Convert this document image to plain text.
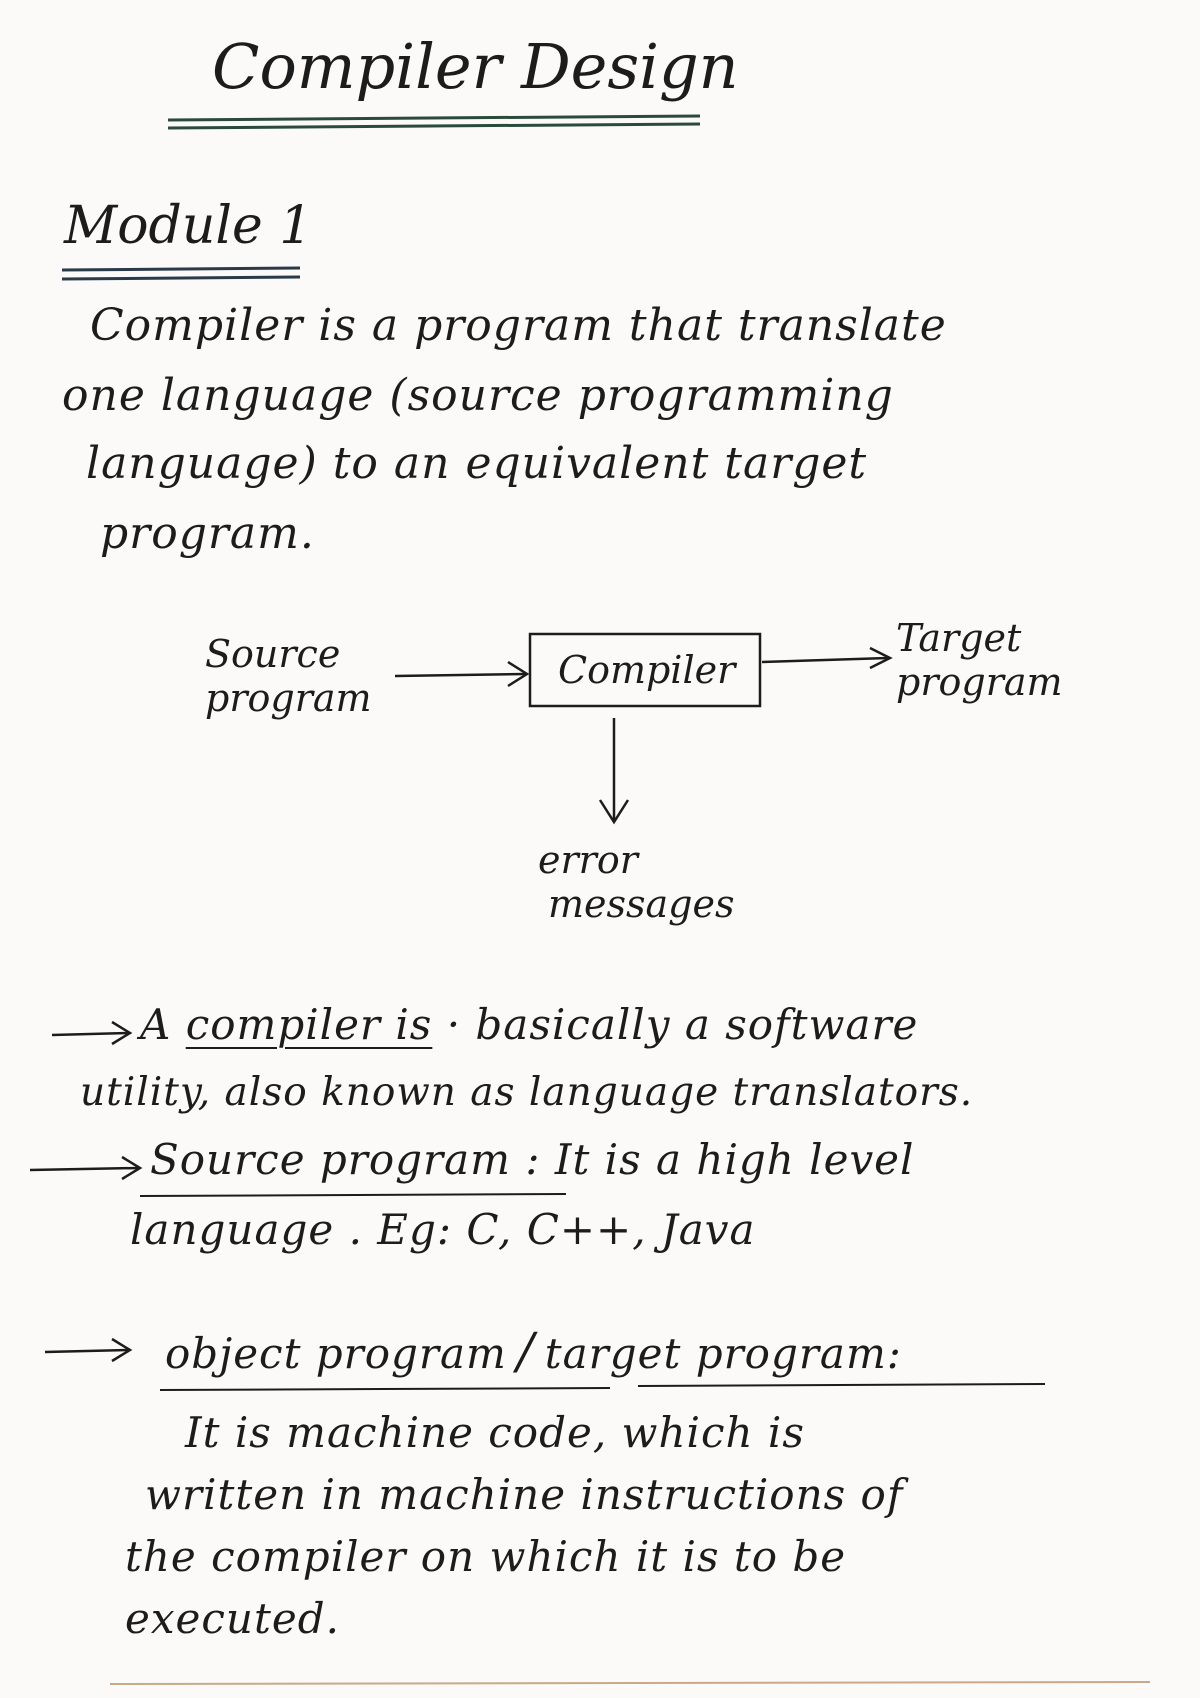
Compiler Design
Module 1
Compiler is a program that translate
one language (source programming
language) to an equivalent target
program.
Source
program
Compiler
Target
program
error
messages
A compiler is · basically a software
utility, also known as language translators.
Source program : It is a high level
language . Eg: C, C++, Java
object program / target program:
It is machine code, which is
written in machine instructions of
the compiler on which it is to be
executed.
